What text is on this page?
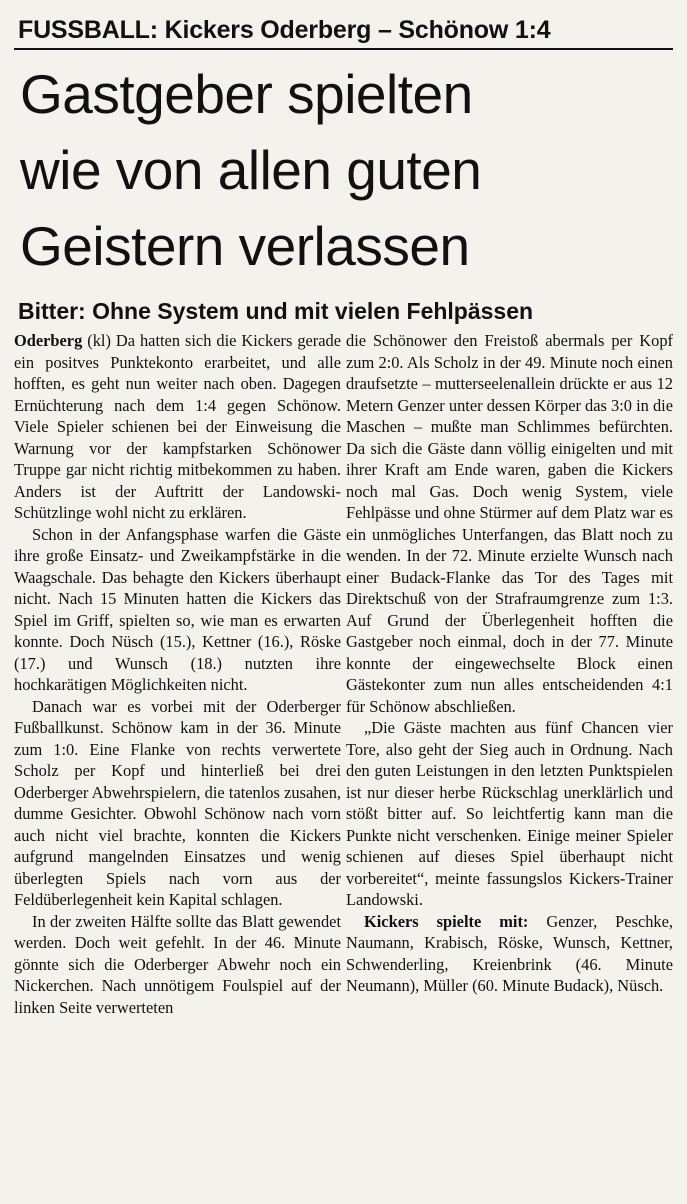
FUSSBALL: Kickers Oderberg – Schönow 1:4
Gastgeber spielten
wie von allen guten
Geistern verlassen
Bitter: Ohne System und mit vielen Fehlpässen

Oderberg (kl) Da hatten sich die Kickers gerade ein positves Punktekonto erarbeitet, und alle hofften, es geht nun weiter nach oben. Dagegen Ernüchterung nach dem 1:4 gegen Schönow. Viele Spieler schienen bei der Einweisung die Warnung vor der kampfstarken Schönower Truppe gar nicht richtig mitbekommen zu haben. Anders ist der Auftritt der Landowski-Schützlinge wohl nicht zu erklären.

Schon in der Anfangsphase warfen die Gäste ihre große Einsatz- und Zweikampfstärke in die Waagschale. Das behagte den Kickers überhaupt nicht. Nach 15 Minuten hatten die Kickers das Spiel im Griff, spielten so, wie man es erwarten konnte. Doch Nüsch (15.), Kettner (16.), Röske (17.) und Wunsch (18.) nutzten ihre hochkarätigen Möglichkeiten nicht.

Danach war es vorbei mit der Oderberger Fußballkunst. Schönow kam in der 36. Minute zum 1:0. Eine Flanke von rechts verwertete Scholz per Kopf und hinterließ bei drei Oderberger Abwehrspielern, die tatenlos zusahen, dumme Gesichter. Obwohl Schönow nach vorn auch nicht viel brachte, konnten die Kickers aufgrund mangelnden Einsatzes und wenig überlegten Spiels nach vorn aus der Feldüberlegenheit kein Kapital schlagen.

In der zweiten Hälfte sollte das Blatt gewendet werden. Doch weit gefehlt. In der 46. Minute gönnte sich die Oderberger Abwehr noch ein Nickerchen. Nach unnötigem Foulspiel auf der linken Seite verwerteten

die Schönower den Freistoß abermals per Kopf zum 2:0. Als Scholz in der 49. Minute noch einen draufsetzte – mutterseelenallein drückte er aus 12 Metern Genzer unter dessen Körper das 3:0 in die Maschen – mußte man Schlimmes befürchten. Da sich die Gäste dann völlig einigelten und mit ihrer Kraft am Ende waren, gaben die Kickers noch mal Gas. Doch wenig System, viele Fehlpässe und ohne Stürmer auf dem Platz war es ein unmögliches Unterfangen, das Blatt noch zu wenden. In der 72. Minute erzielte Wunsch nach einer Budack-Flanke das Tor des Tages mit Direktschuß von der Strafraumgrenze zum 1:3. Auf Grund der Überlegenheit hofften die Gastgeber noch einmal, doch in der 77. Minute konnte der eingewechselte Block einen Gästekonter zum nun alles entscheidenden 4:1 für Schönow abschließen.

„Die Gäste machten aus fünf Chancen vier Tore, also geht der Sieg auch in Ordnung. Nach den guten Leistungen in den letzten Punktspielen ist nur dieser herbe Rückschlag unerklärlich und stößt bitter auf. So leichtfertig kann man die Punkte nicht verschenken. Einige meiner Spieler schienen auf dieses Spiel überhaupt nicht vorbereitet“, meinte fassungslos Kickers-Trainer Landowski.

Kickers spielte mit: Genzer, Peschke, Naumann, Krabisch, Röske, Wunsch, Kettner, Schwenderling, Kreienbrink (46. Minute Neumann), Müller (60. Minute Budack), Nüsch.
